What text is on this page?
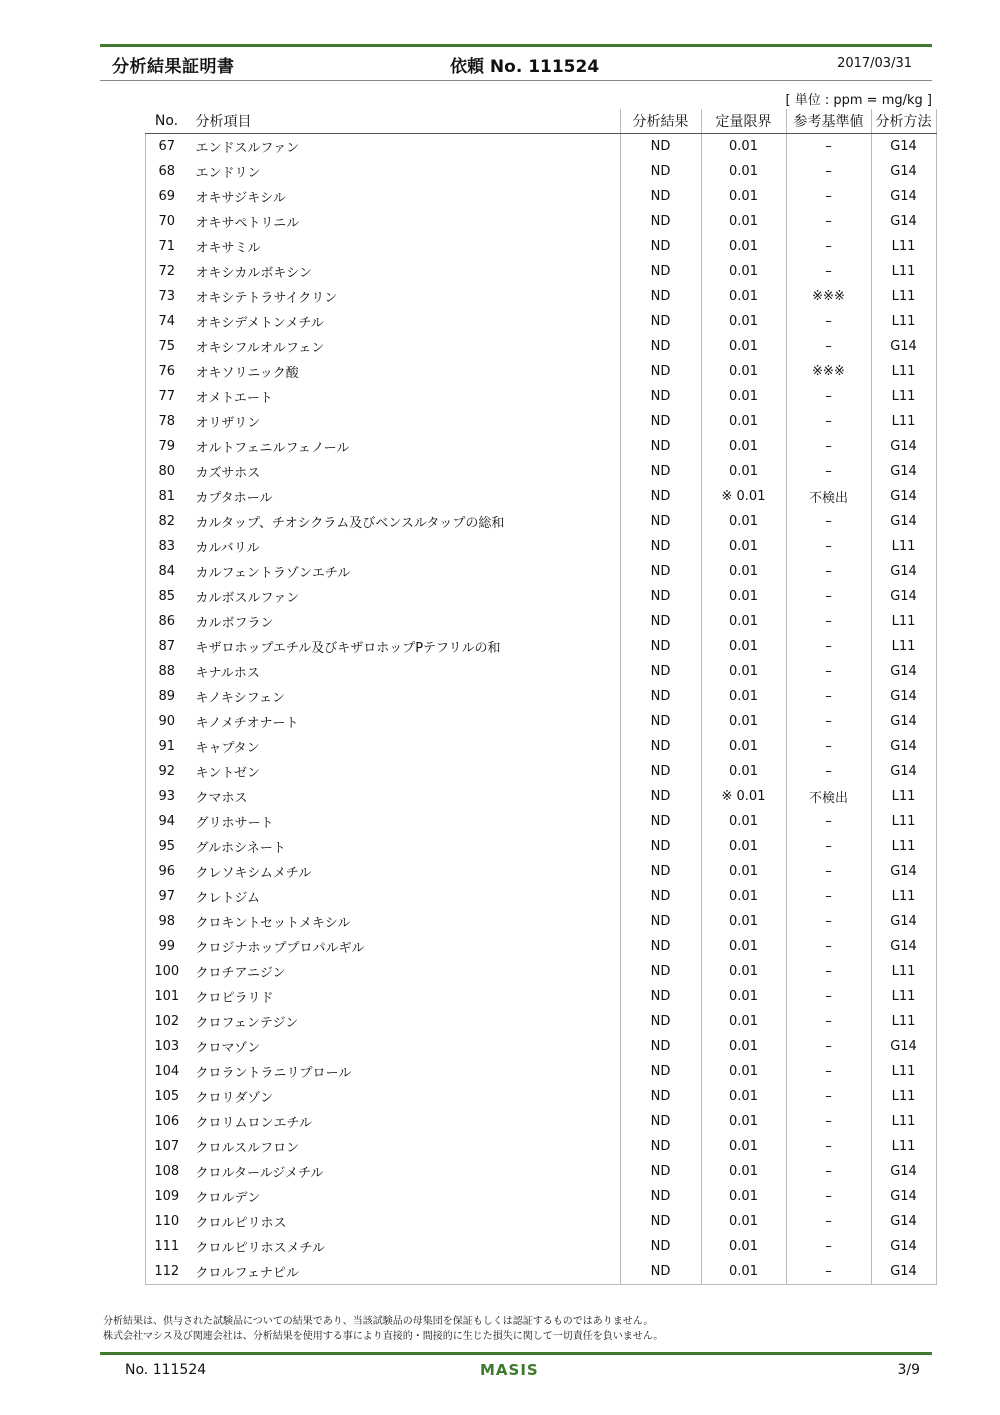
分析結果証明書	依頼 No. 111524	2017/03/31
[ 単位 : ppm = mg/kg ]
No.	分析項目	分析結果	定量限界	参考基準値	分析方法
67	エンドスルファン	ND	0.01	–	G14
68	エンドリン	ND	0.01	–	G14
69	オキサジキシル	ND	0.01	–	G14
70	オキサペトリニル	ND	0.01	–	G14
71	オキサミル	ND	0.01	–	L11
72	オキシカルボキシン	ND	0.01	–	L11
73	オキシテトラサイクリン	ND	0.01	※※※	L11
74	オキシデメトンメチル	ND	0.01	–	L11
75	オキシフルオルフェン	ND	0.01	–	G14
76	オキソリニック酸	ND	0.01	※※※	L11
77	オメトエート	ND	0.01	–	L11
78	オリザリン	ND	0.01	–	L11
79	オルトフェニルフェノール	ND	0.01	–	G14
80	カズサホス	ND	0.01	–	G14
81	カプタホール	ND	※ 0.01	不検出	G14
82	カルタップ、チオシクラム及びベンスルタップの総和	ND	0.01	–	G14
83	カルバリル	ND	0.01	–	L11
84	カルフェントラゾンエチル	ND	0.01	–	G14
85	カルボスルファン	ND	0.01	–	G14
86	カルボフラン	ND	0.01	–	L11
87	キザロホップエチル及びキザロホップPテフリルの和	ND	0.01	–	L11
88	キナルホス	ND	0.01	–	G14
89	キノキシフェン	ND	0.01	–	G14
90	キノメチオナート	ND	0.01	–	G14
91	キャプタン	ND	0.01	–	G14
92	キントゼン	ND	0.01	–	G14
93	クマホス	ND	※ 0.01	不検出	L11
94	グリホサート	ND	0.01	–	L11
95	グルホシネート	ND	0.01	–	L11
96	クレソキシムメチル	ND	0.01	–	G14
97	クレトジム	ND	0.01	–	L11
98	クロキントセットメキシル	ND	0.01	–	G14
99	クロジナホッププロパルギル	ND	0.01	–	G14
100	クロチアニジン	ND	0.01	–	L11
101	クロピラリド	ND	0.01	–	L11
102	クロフェンテジン	ND	0.01	–	L11
103	クロマゾン	ND	0.01	–	G14
104	クロラントラニリプロール	ND	0.01	–	L11
105	クロリダゾン	ND	0.01	–	L11
106	クロリムロンエチル	ND	0.01	–	L11
107	クロルスルフロン	ND	0.01	–	L11
108	クロルタールジメチル	ND	0.01	–	G14
109	クロルデン	ND	0.01	–	G14
110	クロルピリホス	ND	0.01	–	G14
111	クロルピリホスメチル	ND	0.01	–	G14
112	クロルフェナピル	ND	0.01	–	G14
分析結果は、供与された試験品についての結果であり、当該試験品の母集団を保証もしくは認証するものではありません。
株式会社マシス及び関連会社は、分析結果を使用する事により直接的・間接的に生じた損失に関して一切責任を負いません。
No. 111524	MASIS	3/9
